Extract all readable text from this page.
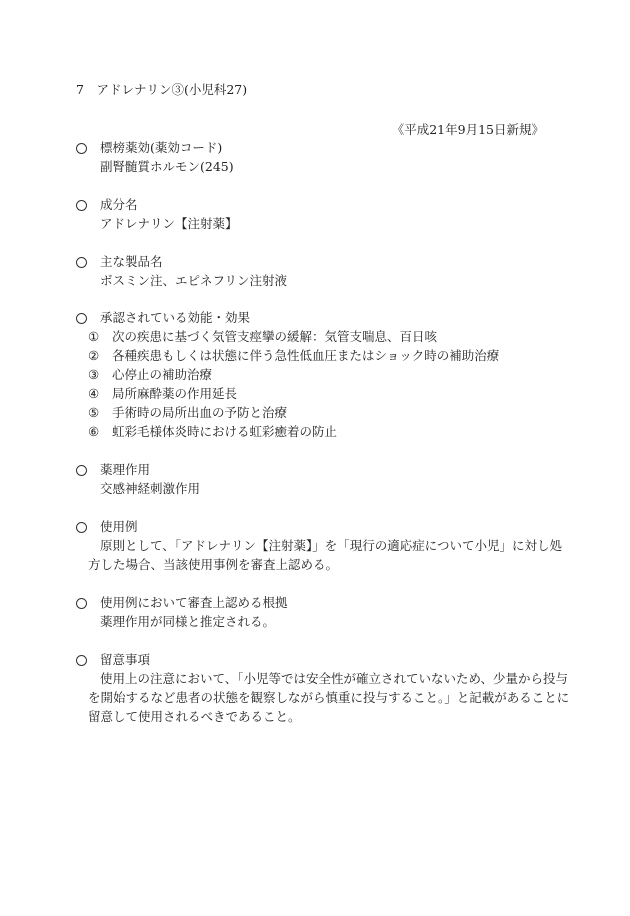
7　アドレナリン③(小児科27)
《平成21年9月15日新規》
標榜薬効(薬効コード)
副腎髄質ホルモン(245)
成分名
アドレナリン【注射薬】
主な製品名
ボスミン注、エピネフリン注射液
承認されている効能・効果
① 次の疾患に基づく気管支痙攣の緩解：気管支喘息、百日咳
② 各種疾患もしくは状態に伴う急性低血圧またはショック時の補助治療
③ 心停止の補助治療
④ 局所麻酔薬の作用延長
⑤ 手術時の局所出血の予防と治療
⑥ 虹彩毛様体炎時における虹彩癒着の防止
薬理作用
交感神経刺激作用
使用例
原則として、「アドレナリン【注射薬】」を「現行の適応症について小児」に対し処
方した場合、当該使用事例を審査上認める。
使用例において審査上認める根拠
薬理作用が同様と推定される。
留意事項
使用上の注意において、「小児等では安全性が確立されていないため、少量から投与
を開始するなど患者の状態を観察しながら慎重に投与すること。」と記載があることに
留意して使用されるべきであること。
